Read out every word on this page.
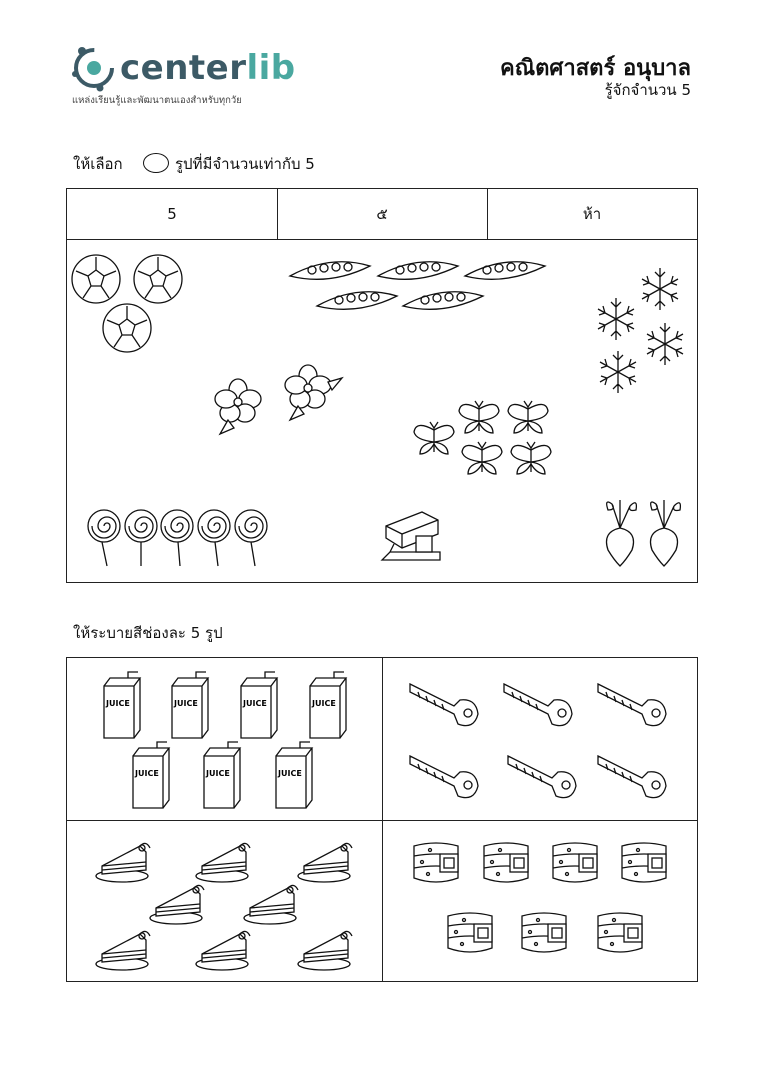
centerlib
แหล่งเรียนรู้และพัฒนาตนเองสำหรับทุกวัย
คณิตศาสตร์ อนุบาล
รู้จักจำนวน 5
ให้เลือก	รูปที่มีจำนวนเท่ากับ 5
5	๕	ห้า
ให้ระบายสีช่องละ 5 รูป
JUICE	JUICE	JUICE	JUICE
JUICE	JUICE	JUICE
